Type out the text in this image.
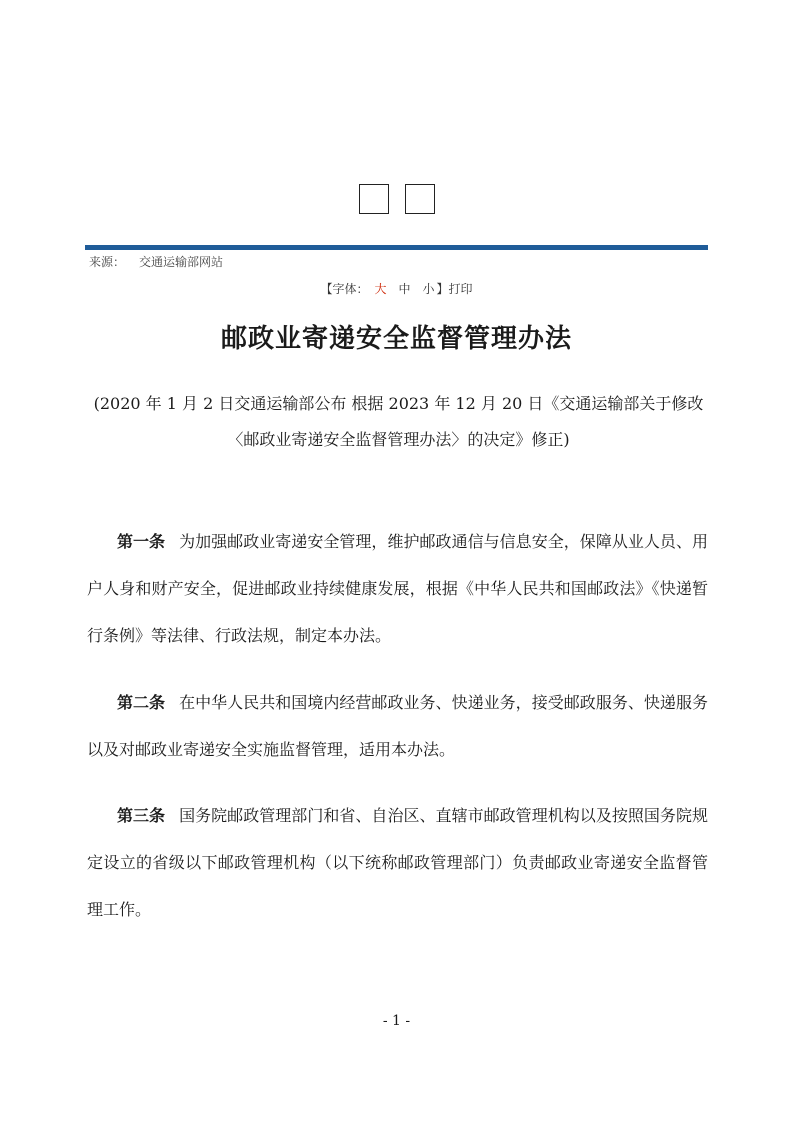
来源： 交通运输部网站
【字体： 大 中 小 】打印
邮政业寄递安全监督管理办法
(2020 年 1 月 2 日交通运输部公布 根据 2023 年 12 月 20 日《交通运输部关于修改〈邮政业寄递安全监督管理办法〉的决定》修正)

第一条 为加强邮政业寄递安全管理，维护邮政通信与信息安全，保障从业人员、用户人身和财产安全，促进邮政业持续健康发展，根据《中华人民共和国邮政法》《快递暂行条例》等法律、行政法规，制定本办法。

第二条 在中华人民共和国境内经营邮政业务、快递业务，接受邮政服务、快递服务以及对邮政业寄递安全实施监督管理，适用本办法。

第三条 国务院邮政管理部门和省、自治区、直辖市邮政管理机构以及按照国务院规定设立的省级以下邮政管理机构（以下统称邮政管理部门）负责邮政业寄递安全监督管理工作。

- 1 -
